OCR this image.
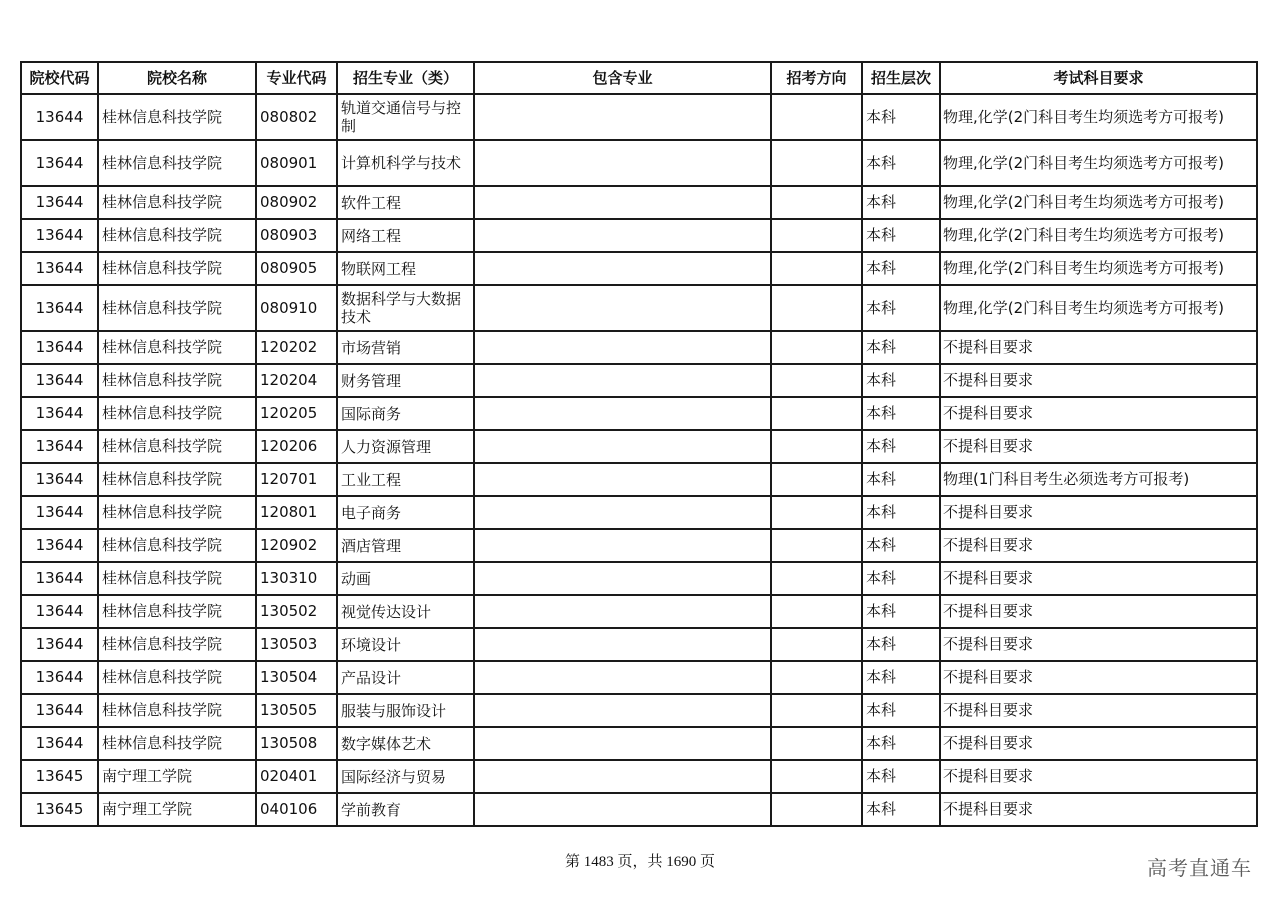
院校代码	院校名称	专业代码	招生专业（类）	包含专业	招考方向	招生层次	考试科目要求
13644	桂林信息科技学院	080802	轨道交通信号与控制			本科	物理,化学(2门科目考生均须选考方可报考)
13644	桂林信息科技学院	080901	计算机科学与技术			本科	物理,化学(2门科目考生均须选考方可报考)
13644	桂林信息科技学院	080902	软件工程			本科	物理,化学(2门科目考生均须选考方可报考)
13644	桂林信息科技学院	080903	网络工程			本科	物理,化学(2门科目考生均须选考方可报考)
13644	桂林信息科技学院	080905	物联网工程			本科	物理,化学(2门科目考生均须选考方可报考)
13644	桂林信息科技学院	080910	数据科学与大数据技术			本科	物理,化学(2门科目考生均须选考方可报考)
13644	桂林信息科技学院	120202	市场营销			本科	不提科目要求
13644	桂林信息科技学院	120204	财务管理			本科	不提科目要求
13644	桂林信息科技学院	120205	国际商务			本科	不提科目要求
13644	桂林信息科技学院	120206	人力资源管理			本科	不提科目要求
13644	桂林信息科技学院	120701	工业工程			本科	物理(1门科目考生必须选考方可报考)
13644	桂林信息科技学院	120801	电子商务			本科	不提科目要求
13644	桂林信息科技学院	120902	酒店管理			本科	不提科目要求
13644	桂林信息科技学院	130310	动画			本科	不提科目要求
13644	桂林信息科技学院	130502	视觉传达设计			本科	不提科目要求
13644	桂林信息科技学院	130503	环境设计			本科	不提科目要求
13644	桂林信息科技学院	130504	产品设计			本科	不提科目要求
13644	桂林信息科技学院	130505	服装与服饰设计			本科	不提科目要求
13644	桂林信息科技学院	130508	数字媒体艺术			本科	不提科目要求
13645	南宁理工学院	020401	国际经济与贸易			本科	不提科目要求
13645	南宁理工学院	040106	学前教育			本科	不提科目要求
第 1483 页，共 1690 页	高考直通车
